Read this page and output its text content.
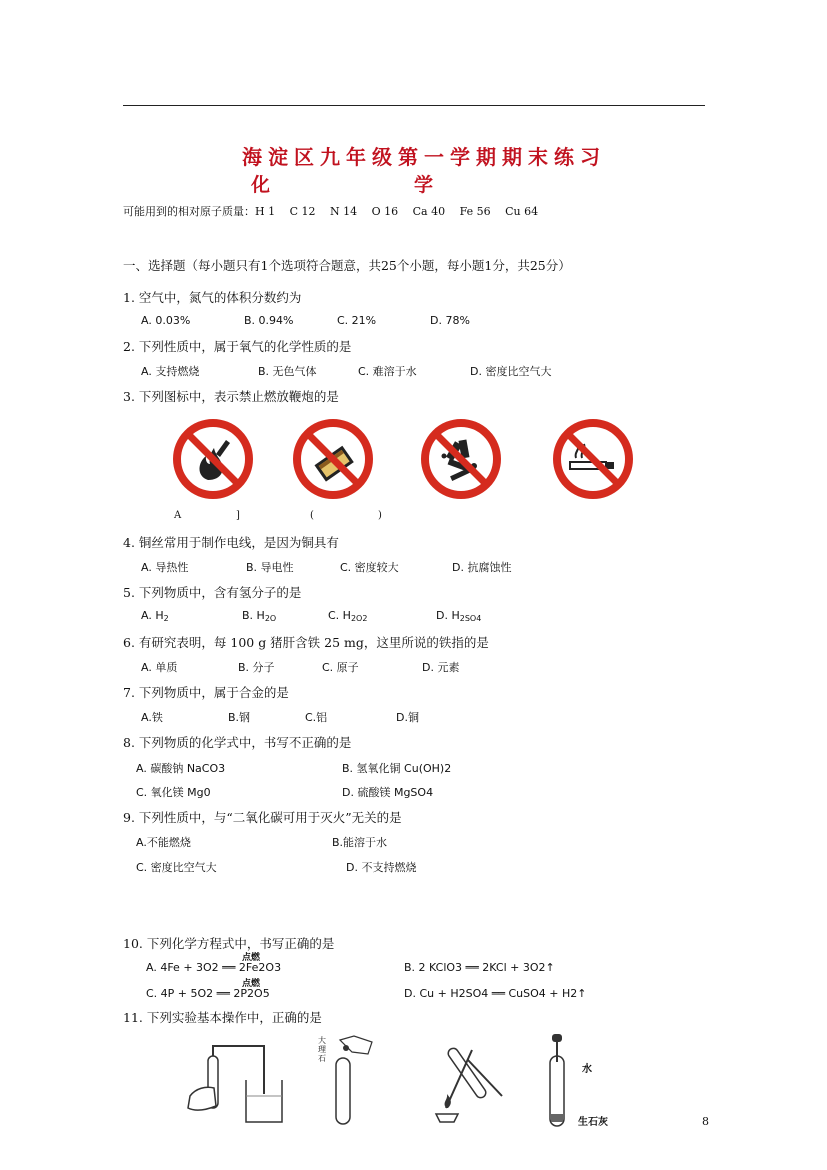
海淀区九年级第一学期期末练习
化	学
可能用到的相对原子质量：H 1　 C 12　 N 14　 O 16　 Ca 40　 Fe 56　 Cu 64
一、选择题（每小题只有1个选项符合题意，共25个小题，每小题1分，共25分）
1. 空气中，氮气的体积分数约为
A. 0.03%	B. 0.94%	C. 21%	D. 78%
2. 下列性质中，属于氧气的化学性质的是
A. 支持燃烧	B. 无色气体	C. 难溶于水	D. 密度比空气大
3. 下列图标中，表示禁止燃放鞭炮的是
A	]	(	)
4. 铜丝常用于制作电线，是因为铜具有
A. 导热性	B. 导电性	C. 密度较大	D. 抗腐蚀性
5. 下列物质中，含有氢分子的是
A. $H_2$	B. $H_{2O}$	C. $H_{2O2}$	D. $H_{2SO4}$
6. 有研究表明，每 100 g 猪肝含铁 25 mg，这里所说的铁指的是
A. 单质	B. 分子	C. 原子	D. 元素
7. 下列物质中，属于合金的是
A.铁	B.钢	C.铝	D.铜
8. 下列物质的化学式中，书写不正确的是
A. 碳酸钠 NaCO3	B. 氢氧化铜 Cu(OH)2
C. 氧化镁 Mg0	D. 硫酸镁 MgSO4
9. 下列性质中，与“二氧化碳可用于灭火”无关的是
A.不能燃烧	B.能溶于水
C. 密度比空气大	D. 不支持燃烧
10. 下列化学方程式中，书写正确的是
点燃
点燃
A. 4Fe + 3O2 ══ 2Fe2O3	B. 2 KClO3 ══ 2KCl + 3O2↑
C. 4P + 5O2 ══ 2P2O5	D. Cu + H2SO4 ══ CuSO4 + H2↑
11. 下列实验基本操作中，正确的是
大理石
水
生石灰	8
